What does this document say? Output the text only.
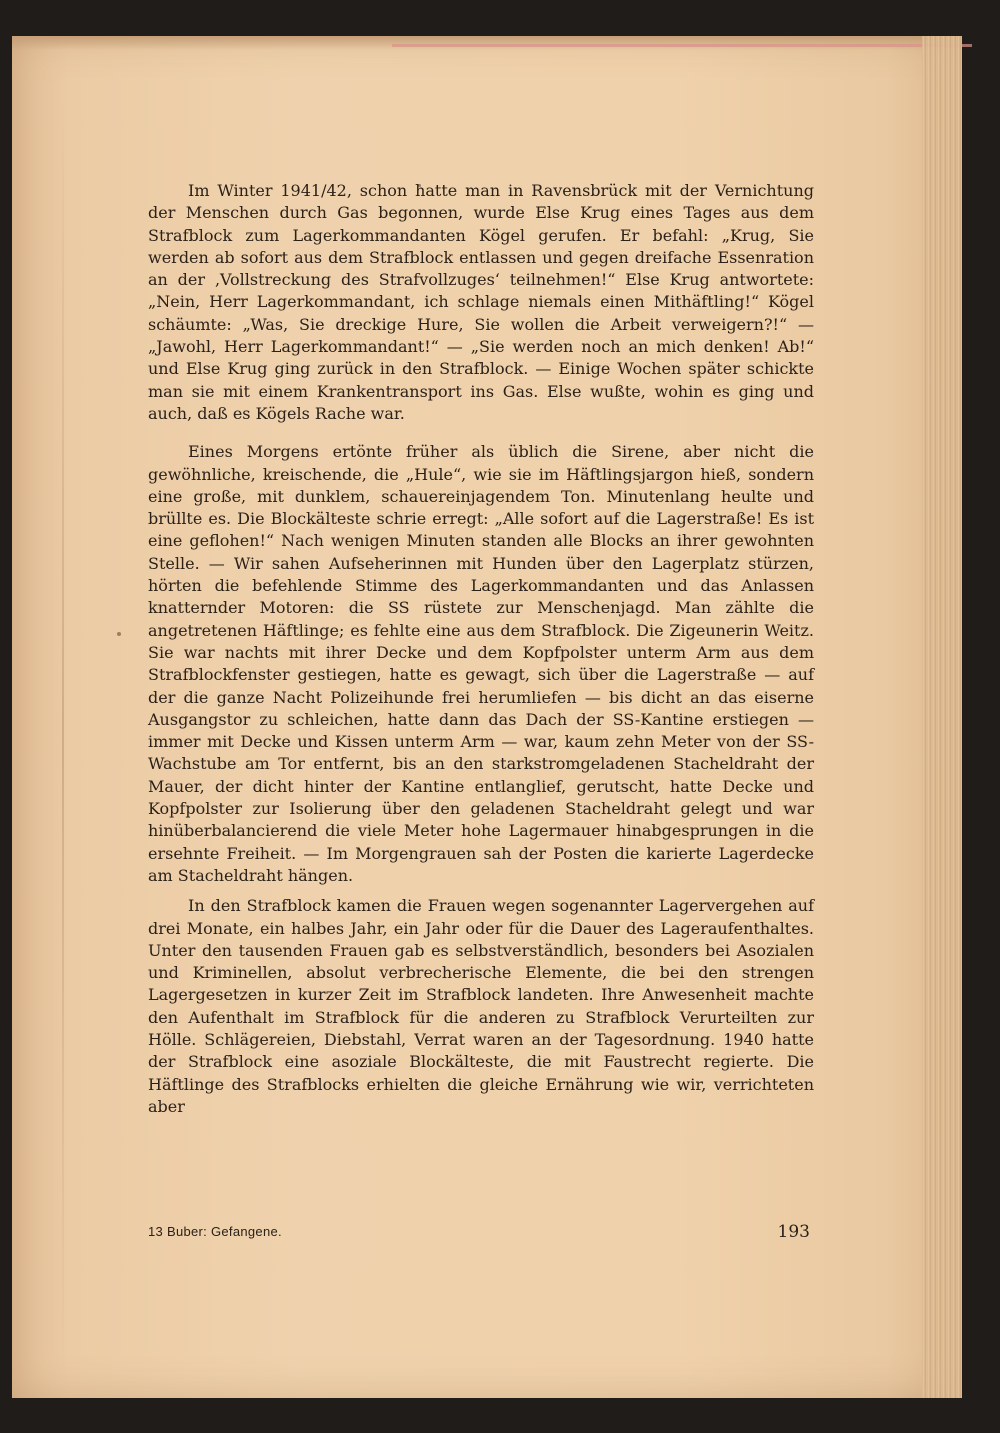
Im Winter 1941/42, schon hatte man in Ravensbrück mit der Vernichtung der Menschen durch Gas begonnen, wurde Else Krug eines Tages aus dem Strafblock zum Lagerkommandanten Kögel gerufen. Er befahl: „Krug, Sie werden ab sofort aus dem Strafblock entlassen und gegen dreifache Essenration an der ‚Vollstreckung des Strafvollzuges‘ teilnehmen!“ Else Krug antwortete: „Nein, Herr Lagerkommandant, ich schlage niemals einen Mithäftling!“ Kögel schäumte: „Was, Sie dreckige Hure, Sie wollen die Arbeit verweigern?!“ — „Jawohl, Herr Lagerkommandant!“ — „Sie werden noch an mich denken! Ab!“ und Else Krug ging zurück in den Strafblock. — Einige Wochen später schickte man sie mit einem Krankentransport ins Gas. Else wußte, wohin es ging und auch, daß es Kögels Rache war.

Eines Morgens ertönte früher als üblich die Sirene, aber nicht die gewöhnliche, kreischende, die „Hule“, wie sie im Häftlingsjargon hieß, sondern eine große, mit dunklem, schauereinjagendem Ton. Minutenlang heulte und brüllte es. Die Blockälteste schrie erregt: „Alle sofort auf die Lagerstraße! Es ist eine geflohen!“ Nach wenigen Minuten standen alle Blocks an ihrer gewohnten Stelle. — Wir sahen Aufseherinnen mit Hunden über den Lagerplatz stürzen, hörten die befehlende Stimme des Lagerkommandanten und das Anlassen knatternder Motoren: die SS rüstete zur Menschenjagd. Man zählte die angetretenen Häftlinge; es fehlte eine aus dem Strafblock. Die Zigeunerin Weitz. Sie war nachts mit ihrer Decke und dem Kopfpolster unterm Arm aus dem Strafblockfenster gestiegen, hatte es gewagt, sich über die Lagerstraße — auf der die ganze Nacht Polizeihunde frei herumliefen — bis dicht an das eiserne Ausgangstor zu schleichen, hatte dann das Dach der SS-Kantine erstiegen — immer mit Decke und Kissen unterm Arm — war, kaum zehn Meter von der SS-Wachstube am Tor entfernt, bis an den starkstromgeladenen Stacheldraht der Mauer, der dicht hinter der Kantine entlanglief, gerutscht, hatte Decke und Kopfpolster zur Isolierung über den geladenen Stacheldraht gelegt und war hinüberbalancierend die viele Meter hohe Lagermauer hinabgesprungen in die ersehnte Freiheit. — Im Morgengrauen sah der Posten die karierte Lagerdecke am Stacheldraht hängen.

In den Strafblock kamen die Frauen wegen sogenannter Lagervergehen auf drei Monate, ein halbes Jahr, ein Jahr oder für die Dauer des Lageraufenthaltes. Unter den tausenden Frauen gab es selbstverständlich, besonders bei Asozialen und Kriminellen, absolut verbrecherische Elemente, die bei den strengen Lagergesetzen in kurzer Zeit im Strafblock landeten. Ihre Anwesenheit machte den Aufenthalt im Strafblock für die anderen zu Strafblock Verurteilten zur Hölle. Schlägereien, Diebstahl, Verrat waren an der Tagesordnung. 1940 hatte der Strafblock eine asoziale Blockälteste, die mit Faustrecht regierte. Die Häftlinge des Strafblocks erhielten die gleiche Ernährung wie wir, verrichteten aber

13 Buber: Gefangene.	193
